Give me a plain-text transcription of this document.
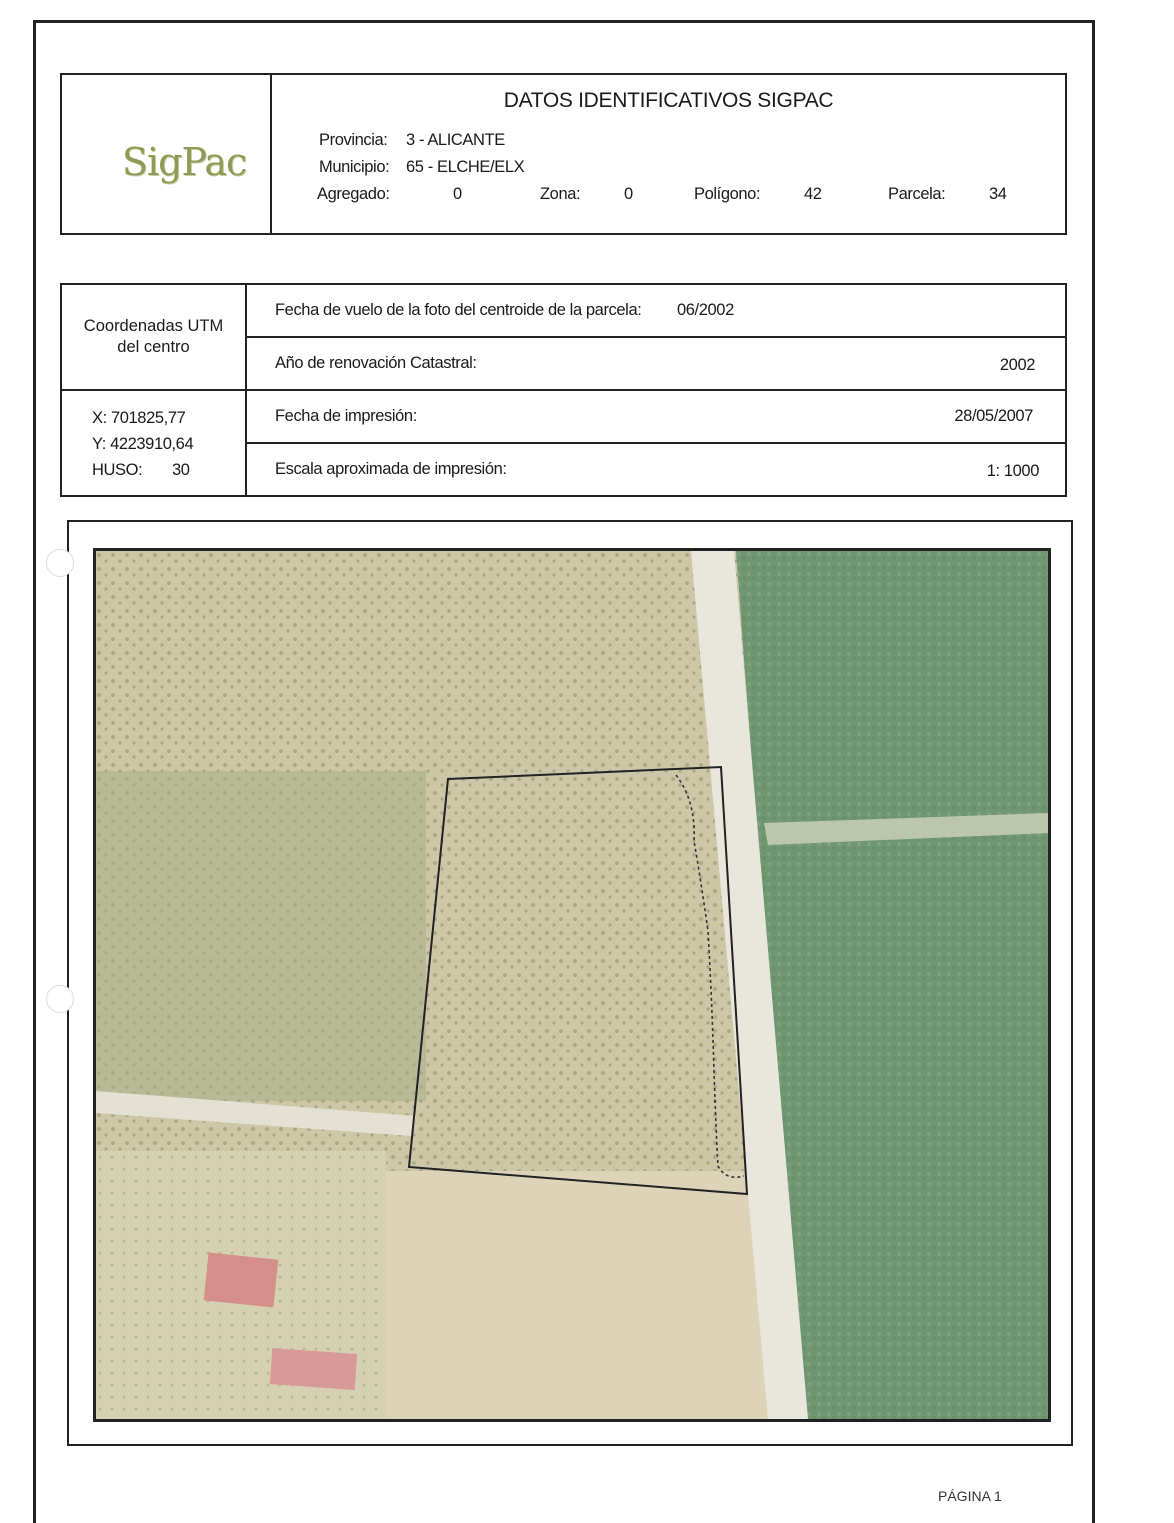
SigPac
DATOS IDENTIFICATIVOS SIGPAC
Provincia: 3 - ALICANTE
Municipio: 65 - ELCHE/ELX
Agregado:	0	Zona:	0	Polígono:	42	Parcela:	34
Coordenadas UTM
del centro
X: 701825,77
Y: 4223910,64
HUSO: 30
Fecha de vuelo de la foto del centroide de la parcela: 06/2002
Año de renovación Catastral:	2002
Fecha de impresión:	28/05/2007
Escala aproximada de impresión:	1: 1000
PÁGINA 1
